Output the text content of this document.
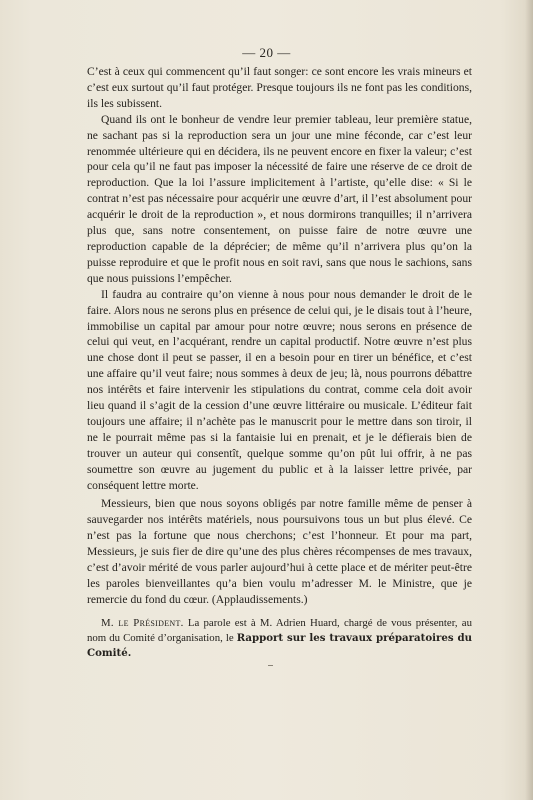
— 20 —

C’est à ceux qui commencent qu’il faut songer: ce sont encore les vrais mineurs et c’est eux surtout qu’il faut protéger. Presque toujours ils ne font pas les conditions, ils les subissent.

Quand ils ont le bonheur de vendre leur premier tableau, leur première statue, ne sachant pas si la reproduction sera un jour une mine féconde, car c’est leur renommée ultérieure qui en décidera, ils ne peuvent encore en fixer la valeur; c’est pour cela qu’il ne faut pas imposer la nécessité de faire une réserve de ce droit de reproduction. Que la loi l’assure implicitement à l’artiste, qu’elle dise: « Si le contrat n’est pas nécessaire pour acquérir une œuvre d’art, il l’est absolument pour acquérir le droit de la reproduction », et nous dormirons tranquilles; il n’arrivera plus que, sans notre consentement, on puisse faire de notre œuvre une reproduction capable de la déprécier; de même qu’il n’arrivera plus qu’on la puisse reproduire et que le profit nous en soit ravi, sans que nous le sachions, sans que nous puissions l’empêcher.

Il faudra au contraire qu’on vienne à nous pour nous demander le droit de le faire. Alors nous ne serons plus en présence de celui qui, je le disais tout à l’heure, immobilise un capital par amour pour notre œuvre; nous serons en présence de celui qui veut, en l’acquérant, rendre un capital productif. Notre œuvre n’est plus une chose dont il peut se passer, il en a besoin pour en tirer un bénéfice, et c’est une affaire qu’il veut faire; nous sommes à deux de jeu; là, nous pourrons débattre nos intérêts et faire intervenir les stipulations du contrat, comme cela doit avoir lieu quand il s’agit de la cession d’une œuvre littéraire ou musicale. L’éditeur fait toujours une affaire; il n’achète pas le manuscrit pour le mettre dans son tiroir, il ne le pourrait même pas si la fantaisie lui en prenait, et je le défierais bien de trouver un auteur qui consentît, quelque somme qu’on pût lui offrir, à ne pas soumettre son œuvre au jugement du public et à la laisser lettre privée, par conséquent lettre morte.

Messieurs, bien que nous soyons obligés par notre famille même de penser à sauvegarder nos intérêts matériels, nous poursuivons tous un but plus élevé. Ce n’est pas la fortune que nous cherchons; c’est l’honneur. Et pour ma part, Messieurs, je suis fier de dire qu’une des plus chères récompenses de mes travaux, c’est d’avoir mérité de vous parler aujourd’hui à cette place et de mériter peut-être les paroles bienveillantes qu’a bien voulu m’adresser M. le Ministre, que je remercie du fond du cœur. (Applaudissements.)

M. le Président. La parole est à M. Adrien Huard, chargé de vous présenter, au nom du Comité d’organisation, le Rapport sur les travaux préparatoires du Comité.
